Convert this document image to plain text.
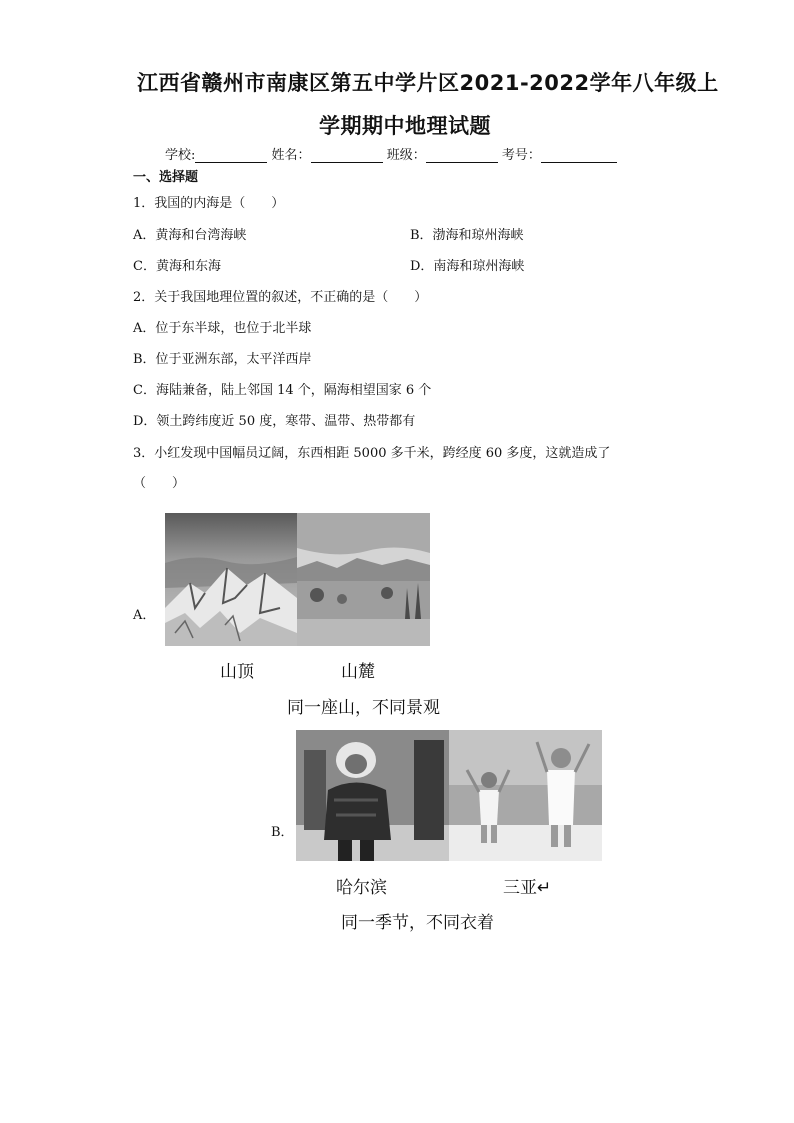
江西省赣州市南康区第五中学片区2021-2022学年八年级上
学期期中地理试题
学校:	姓名：	班级：	考号：
一、选择题
1．我国的内海是（　　）
A．黄海和台湾海峡	B．渤海和琼州海峡
C．黄海和东海	D．南海和琼州海峡
2．关于我国地理位置的叙述，不正确的是（　　）
A．位于东半球，也位于北半球
B．位于亚洲东部，太平洋西岸
C．海陆兼备，陆上邻国 14 个，隔海相望国家 6 个
D．领土跨纬度近 50 度，寒带、温带、热带都有
3．小红发现中国幅员辽阔，东西相距 5000 多千米，跨经度 60 多度，这就造成了
（　　）
A．
山顶	山麓
同一座山，不同景观
B．
哈尔滨	三亚↵
同一季节，不同衣着
